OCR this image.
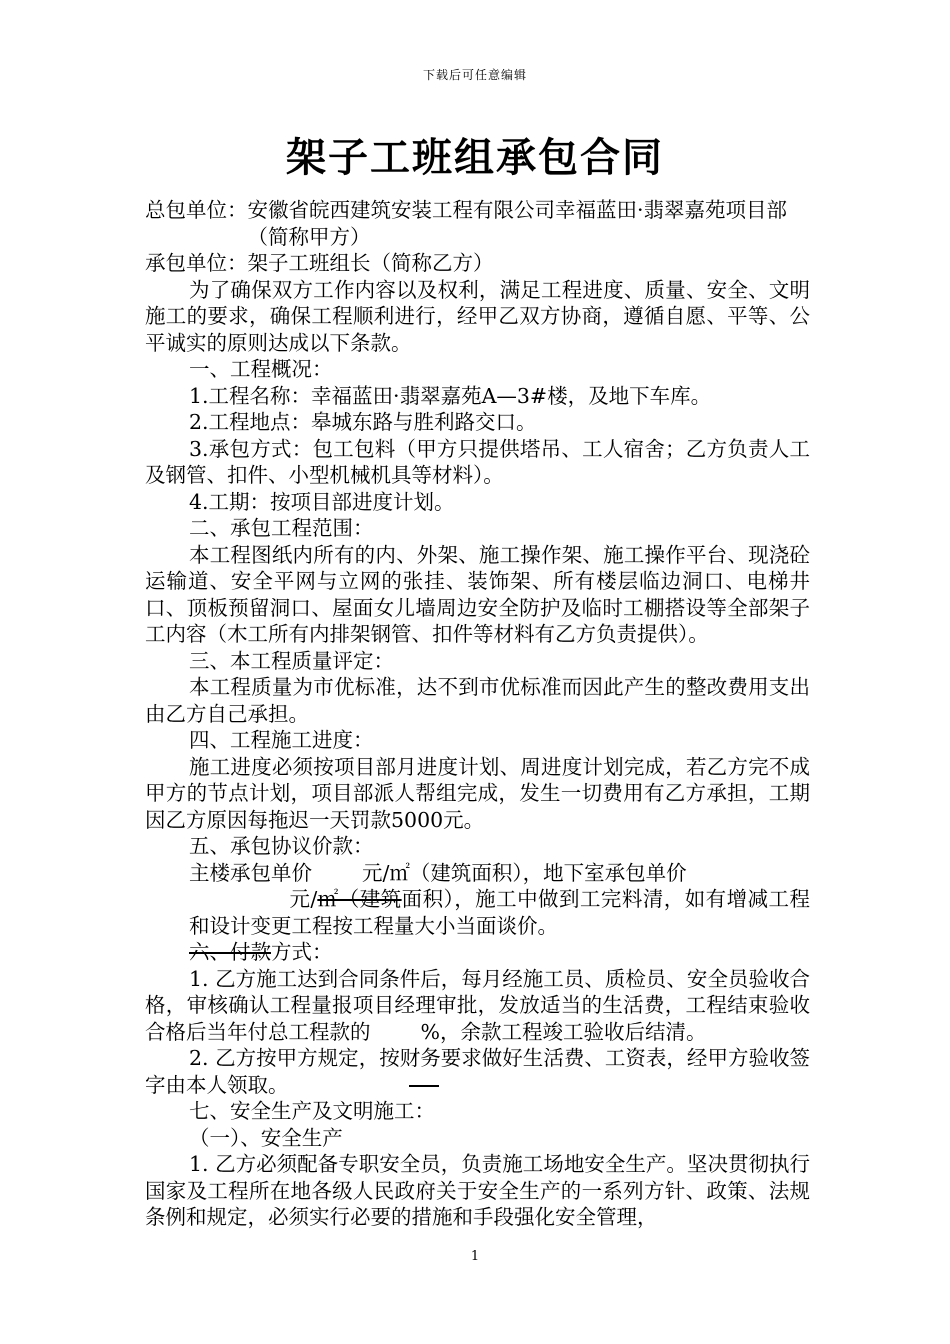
下载后可任意编辑
架子工班组承包合同
总包单位： 安徽省皖西建筑安装工程有限公司幸福蓝田·翡翠嘉苑项目部（简称甲方）
承包单位： 架子工班组长（简称乙方）

为了确保双方工作内容以及权利，满足工程进度、质量、安全、文明施工的要求，确保工程顺利进行，经甲乙双方协商，遵循自愿、平等、公平诚实的原则达成以下条款。

一、工程概况：

1.工程名称：幸福蓝田·翡翠嘉苑A—3#楼，及地下车库。

2.工程地点：皋城东路与胜利路交口。

3.承包方式：包工包料（甲方只提供塔吊、工人宿舍；乙方负责人工及钢管、扣件、小型机械机具等材料）。

4.工期：按项目部进度计划。

二、承包工程范围：

本工程图纸内所有的内、外架、施工操作架、施工操作平台、现浇砼运输道、安全平网与立网的张挂、装饰架、所有楼层临边洞口、电梯井口、顶板预留洞口、屋面女儿墙周边安全防护及临时工棚搭设等全部架子工内容（木工所有内排架钢管、扣件等材料有乙方负责提供）。

三、本工程质量评定：

本工程质量为市优标准，达不到市优标准而因此产生的整改费用支出由乙方自己承担。

四、工程施工进度：

施工进度必须按项目部月进度计划、周进度计划完成，若乙方完不成甲方的节点计划，项目部派人帮组完成，发生一切费用有乙方承担，工期因乙方原因每拖迟一天罚款5000元。

五、承包协议价款：

主楼承包单价 元/㎡（建筑面积），地下室承包单价
元/㎡（建筑面积），施工中做到工完料清，如有增减工程和设计变更工程按工程量大小当面谈价。

六、付款方式：

1. 乙方施工达到合同条件后，每月经施工员、质检员、安全员验收合格，审核确认工程量报项目经理审批，发放适当的生活费，工程结束验收合格后当年付总工程款的 %，余款工程竣工验收后结清。

2. 乙方按甲方规定，按财务要求做好生活费、工资表，经甲方验收签字由本人领取。

七、安全生产及文明施工：

（一）、安全生产

1. 乙方必须配备专职安全员，负责施工场地安全生产。坚决贯彻执行国家及工程所在地各级人民政府关于安全生产的一系列方针、政策、法规条例和规定，必须实行必要的措施和手段强化安全管理，

1
